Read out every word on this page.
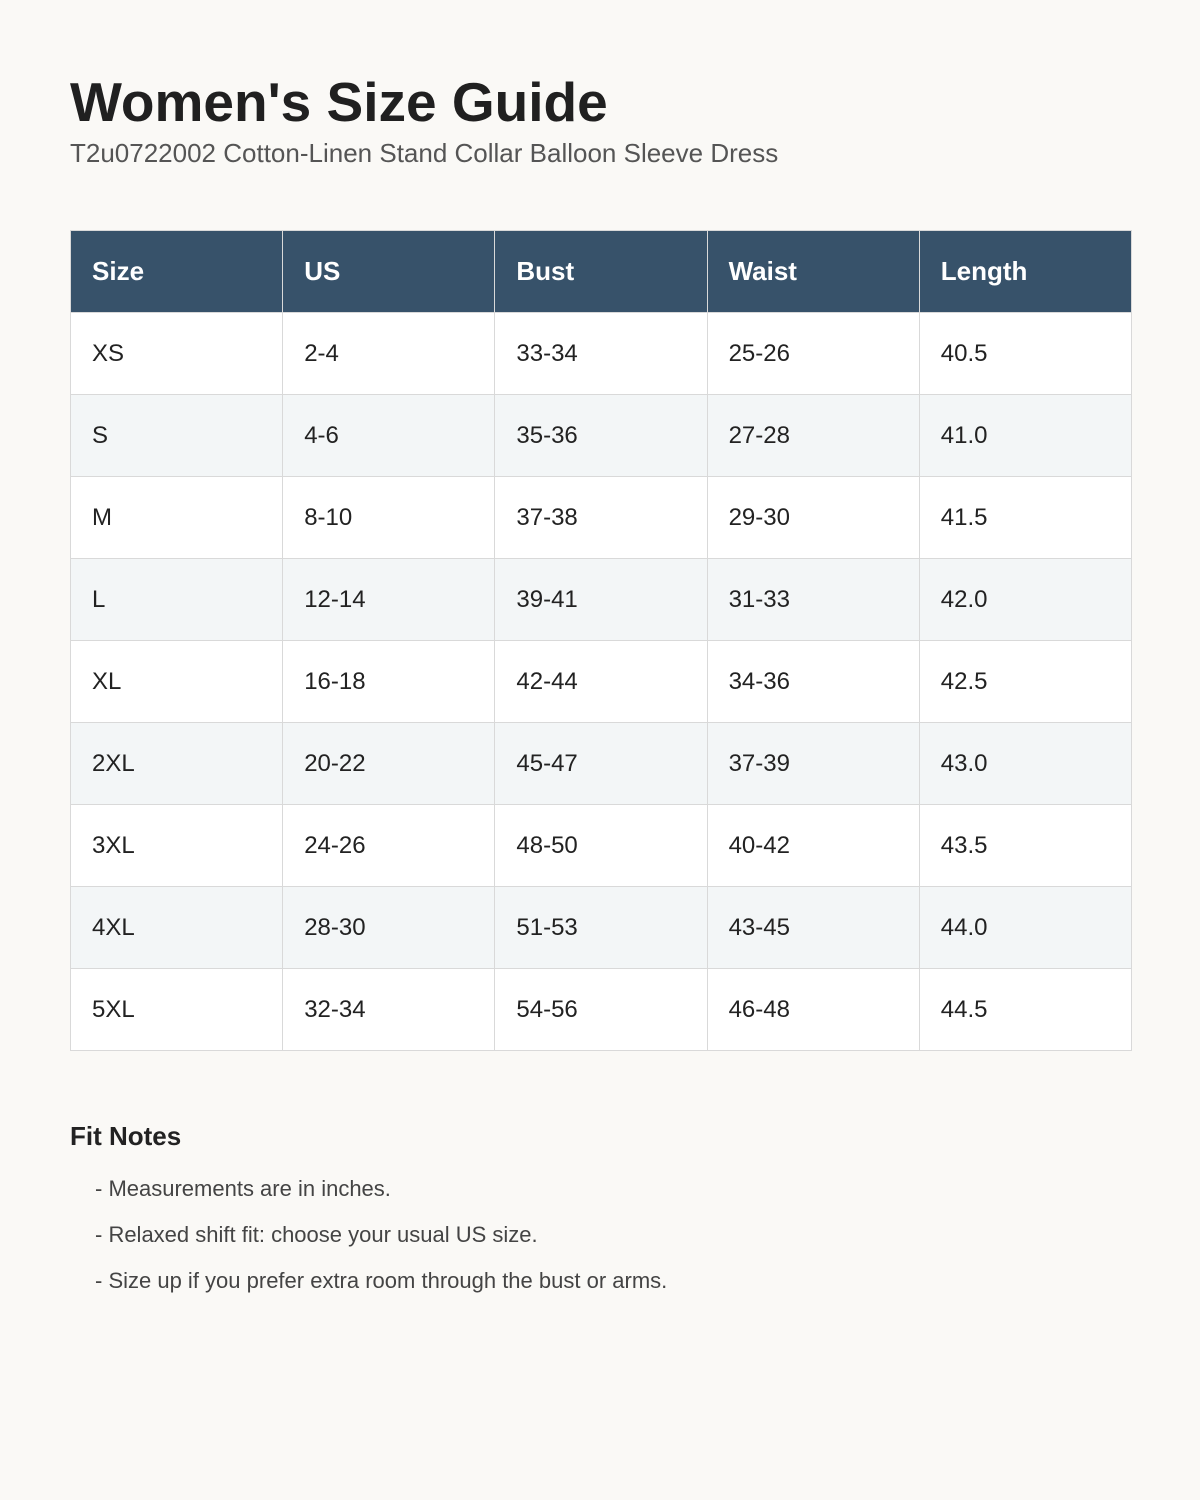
Women's Size Guide
T2u0722002 Cotton-Linen Stand Collar Balloon Sleeve Dress
Size	US	Bust	Waist	Length
XS	2-4	33-34	25-26	40.5
S	4-6	35-36	27-28	41.0
M	8-10	37-38	29-30	41.5
L	12-14	39-41	31-33	42.0
XL	16-18	42-44	34-36	42.5
2XL	20-22	45-47	37-39	43.0
3XL	24-26	48-50	40-42	43.5
4XL	28-30	51-53	43-45	44.0
5XL	32-34	54-56	46-48	44.5
Fit Notes
- Measurements are in inches.
- Relaxed shift fit: choose your usual US size.
- Size up if you prefer extra room through the bust or arms.
